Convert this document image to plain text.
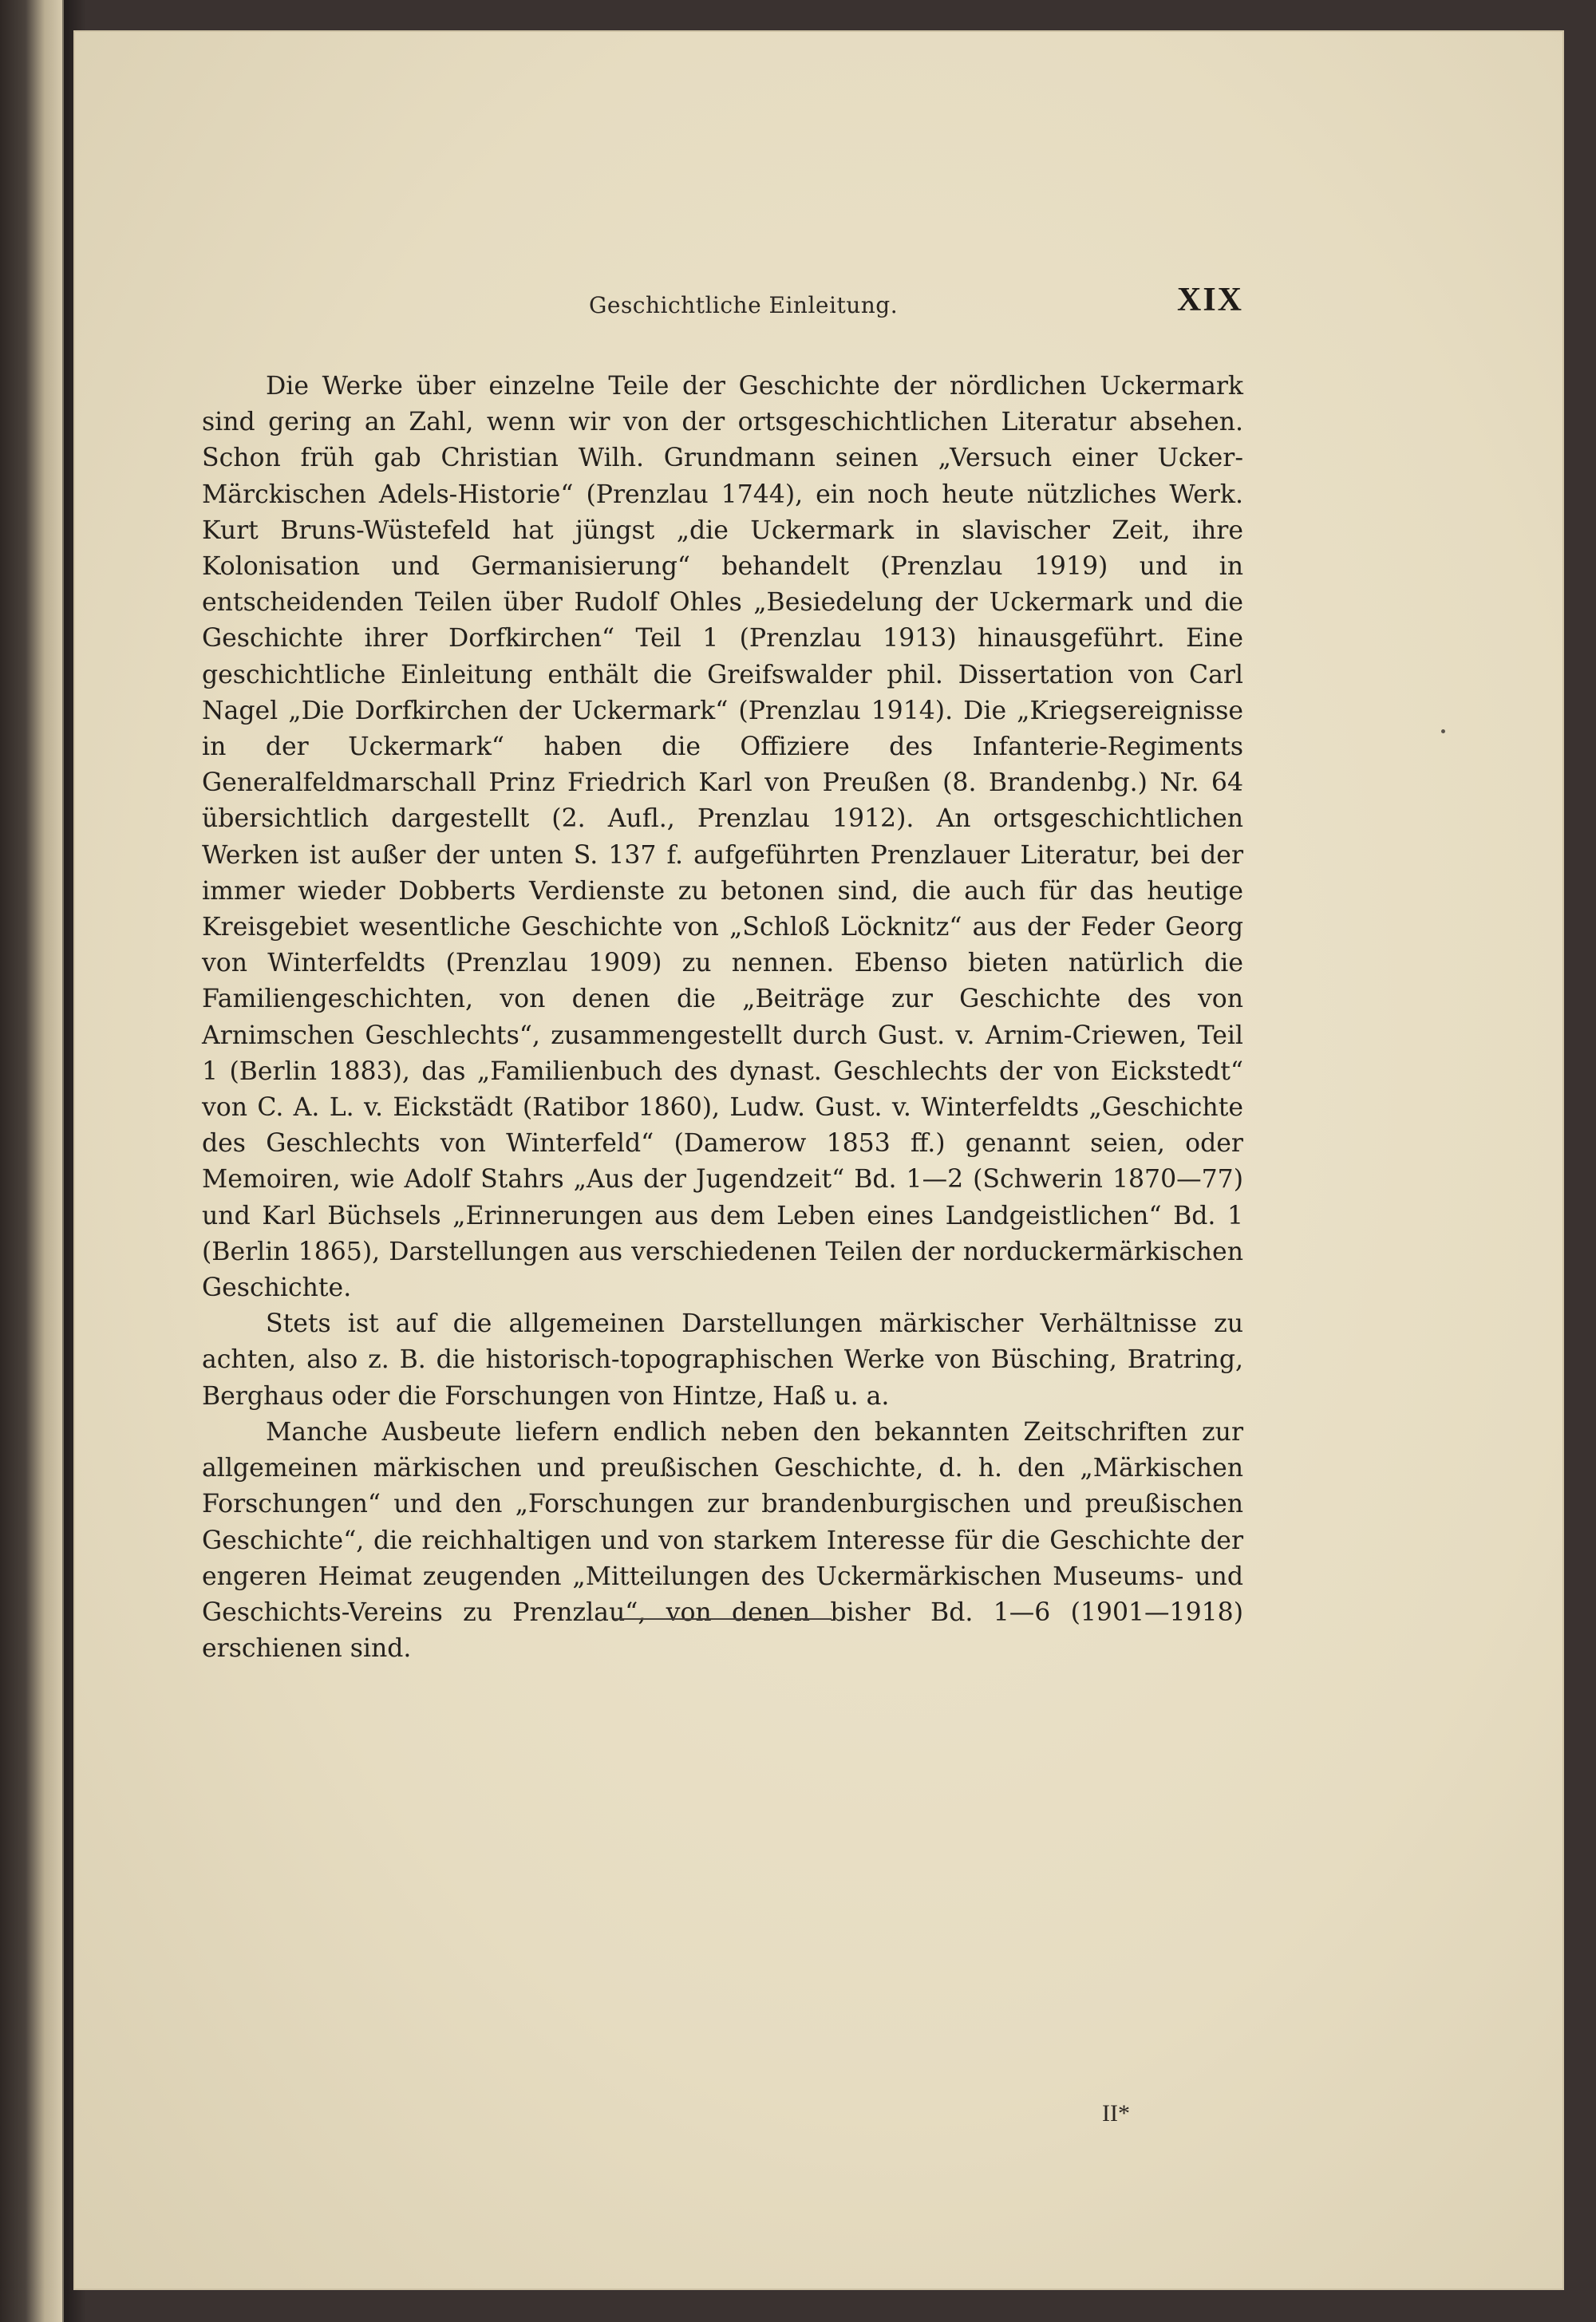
Geschichtliche Einleitung.	XIX

Die Werke über einzelne Teile der Geschichte der nördlichen Uckermark sind gering an Zahl, wenn wir von der ortsgeschichtlichen Literatur absehen. Schon früh gab Christian Wilh. Grundmann seinen „Versuch einer Ucker-Märckischen Adels-Historie“ (Prenzlau 1744), ein noch heute nützliches Werk. Kurt Bruns-Wüstefeld hat jüngst „die Uckermark in slavischer Zeit, ihre Kolonisation und Germanisierung“ behandelt (Prenzlau 1919) und in entscheidenden Teilen über Rudolf Ohles „Besiedelung der Uckermark und die Geschichte ihrer Dorfkirchen“ Teil 1 (Prenzlau 1913) hinausgeführt. Eine geschichtliche Einleitung enthält die Greifswalder phil. Dissertation von Carl Nagel „Die Dorfkirchen der Uckermark“ (Prenzlau 1914). Die „Kriegsereignisse in der Uckermark“ haben die Offiziere des Infanterie-Regiments Generalfeldmarschall Prinz Friedrich Karl von Preußen (8. Brandenbg.) Nr. 64 übersichtlich dargestellt (2. Aufl., Prenzlau 1912). An ortsgeschichtlichen Werken ist außer der unten S. 137 f. aufgeführten Prenzlauer Literatur, bei der immer wieder Dobberts Verdienste zu betonen sind, die auch für das heutige Kreisgebiet wesentliche Geschichte von „Schloß Löcknitz“ aus der Feder Georg von Winterfeldts (Prenzlau 1909) zu nennen. Ebenso bieten natürlich die Familiengeschichten, von denen die „Beiträge zur Geschichte des von Arnimschen Geschlechts“, zusammengestellt durch Gust. v. Arnim-Criewen, Teil 1 (Berlin 1883), das „Familienbuch des dynast. Geschlechts der von Eickstedt“ von C. A. L. v. Eickstädt (Ratibor 1860), Ludw. Gust. v. Winterfeldts „Geschichte des Geschlechts von Winterfeld“ (Damerow 1853 ff.) genannt seien, oder Memoiren, wie Adolf Stahrs „Aus der Jugendzeit“ Bd. 1—2 (Schwerin 1870—77) und Karl Büchsels „Erinnerungen aus dem Leben eines Landgeistlichen“ Bd. 1 (Berlin 1865), Darstellungen aus verschiedenen Teilen der norduckermärkischen Geschichte.

Stets ist auf die allgemeinen Darstellungen märkischer Verhältnisse zu achten, also z. B. die historisch-topographischen Werke von Büsching, Bratring, Berghaus oder die Forschungen von Hintze, Haß u. a.

Manche Ausbeute liefern endlich neben den bekannten Zeitschriften zur allgemeinen märkischen und preußischen Geschichte, d. h. den „Märkischen Forschungen“ und den „Forschungen zur brandenburgischen und preußischen Geschichte“, die reichhaltigen und von starkem Interesse für die Geschichte der engeren Heimat zeugenden „Mitteilungen des Uckermärkischen Museums- und Geschichts-Vereins zu Prenzlau“, von denen bisher Bd. 1—6 (1901—1918) erschienen sind.

II*
